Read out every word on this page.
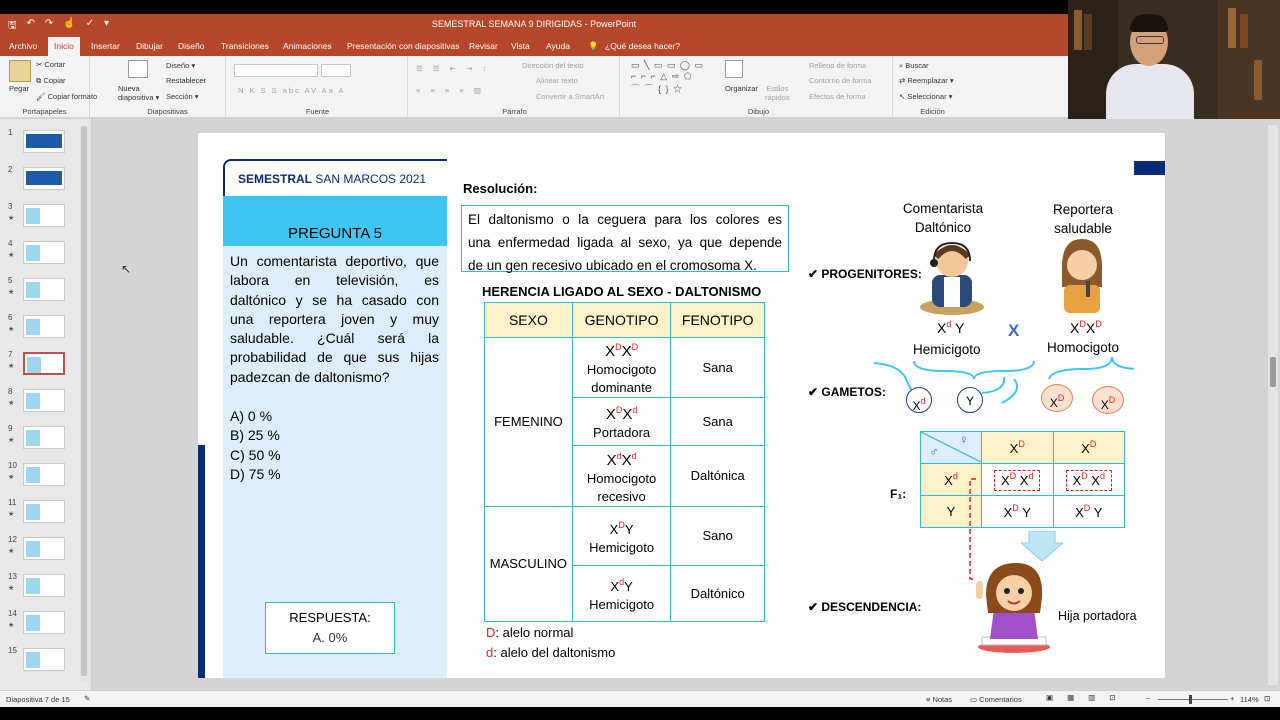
🖫 ↶ ↷ ☝ ✓ ▾	SEMESTRAL SEMANA 9 DIRIGIDAS - PowerPoint
Archivo	Inicio	Insertar Dibujar Diseño Transiciones Animaciones Presentación con diapositivas Revisar Vista Ayuda 💡 ¿Qué desea hacer?
Pegar
✂ Cortar
⧉ Copiar
🖌 Copiar formato
Portapapeles
Nueva
diapositiva ▾
Diseño ▾
Restablecer
Sección ▾
Diapositivas
N K S S abc AV Aa A
Fuente
☰ ☰ ⇤ ⇥ ↕
≡ ≡ ≡ ≡ ▥
Dirección del texto
Alinear texto
Convertir a SmartArt
Párrafo
▭ ╲ ▭ ▭ ◯ ▭
⌐ ⌐ ⌐ △ ⇨ ⬠
⌒ ⌒ { } ☆	Organizar Estilos
rápidos
Relleno de forma
Contorno de forma
Efectos de forma
Dibujo
⌕ Buscar
⇄ Reemplazar ▾
↖ Seleccionar ▾
Edición
1
2
3
★
4
★
5
★
6
★
7
★
8
★
9
★
10
★
11
★
12
★
13
★
14
★
15
↖
SEMESTRAL SAN MARCOS 2021
PREGUNTA 5
Un comentarista deportivo, que
labora en televisión, es
daltónico y se ha casado con
una reportera joven y muy
saludable. ¿Cuál será la
probabilidad de que sus hijas
padezcan de daltonismo?
A) 0 %
B) 25 %
C) 50 %
D) 75 %
RESPUESTA:
A. 0%
Resolución:
El daltonismo o la ceguera para los colores es
una enfermedad ligada al sexo, ya que depende
de un gen recesivo ubicado en el cromosoma X.
HERENCIA LIGADO AL SEXO - DALTONISMO
SEXO	GENOTIPO	FENOTIPO
FEMENINO	$X^DX^D$
Homocigoto
dominante	Sana
	$X^DX^d$
Portadora	Sana
	$X^dX^d$
Homocigoto
recesivo	Daltónica
MASCULINO	$X^DY$
Hemicigoto	Sano
	$X^dY$
Hemicigoto	Daltónico
D: alelo normal
d: alelo del daltonismo
Comentarista
Daltónico
Reportera
saludable
✔ PROGENITORES:
$X^d$ Y
Hemicigoto
X	$X^DX^D$
Homocigoto
✔ GAMETOS:
$X^d$	Y	$X^D$	$X^D$
F₁:
♂
♀	$X^D$	$X^D$
$X^d$	$X^D$ $X^d$	$X^D$ $X^d$
Y	$X^D$ Y	$X^D$ Y
Hija portadora
✔ DESCENDENCIA:
Diapositiva 7 de 15 ✎	≡ Notas ▭ Comentarios	▣▦▥⊡ −	+ 114% ⊡
